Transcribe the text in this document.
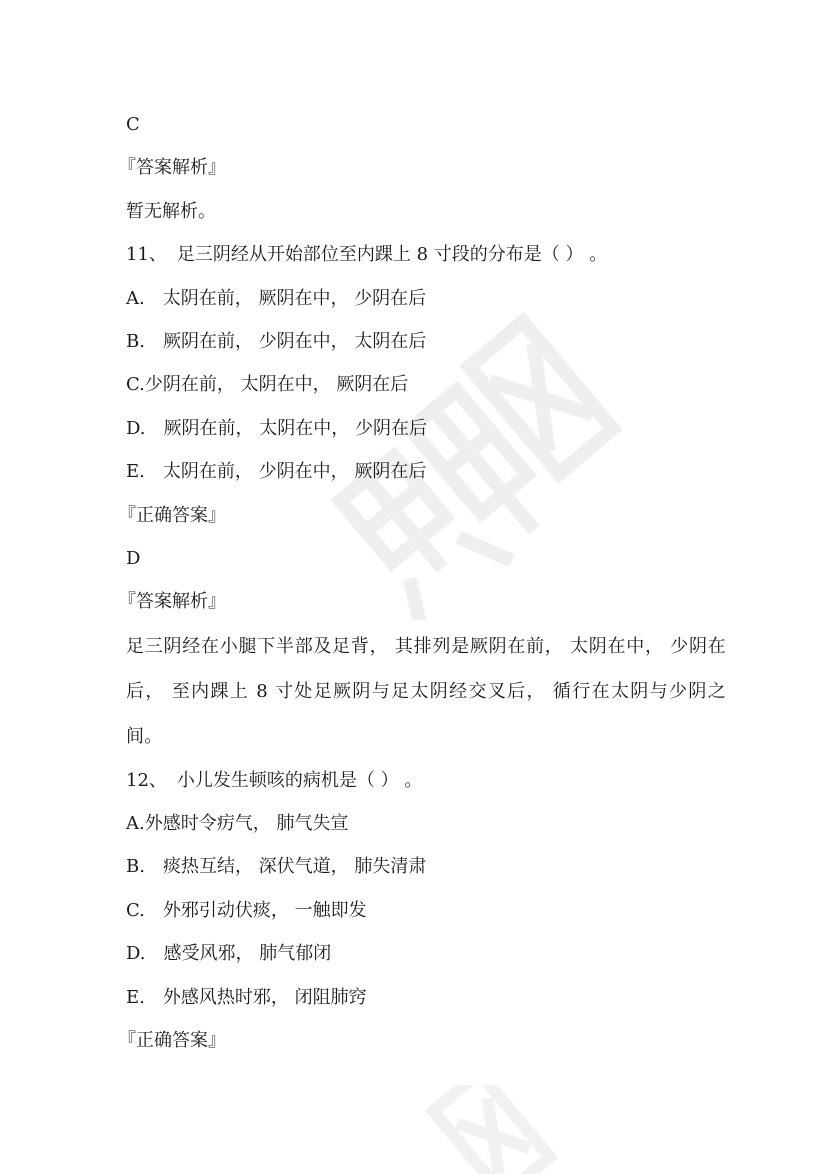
C
『答案解析』
暂无解析。
11、 足三阴经从开始部位至内踝上 8 寸段的分布是（ ） 。
A. 太阴在前， 厥阴在中， 少阴在后
B. 厥阴在前， 少阴在中， 太阴在后
C.少阴在前， 太阴在中， 厥阴在后
D. 厥阴在前， 太阴在中， 少阴在后
E. 太阴在前， 少阴在中， 厥阴在后
『正确答案』
D
『答案解析』
足三阴经在小腿下半部及足背， 其排列是厥阴在前， 太阴在中， 少阴在后， 至内踝上 8 寸处足厥阴与足太阴经交叉后， 循行在太阴与少阴之间。
12、 小儿发生顿咳的病机是（ ） 。
A.外感时令疠气， 肺气失宣
B. 痰热互结， 深伏气道， 肺失清肃
C. 外邪引动伏痰， 一触即发
D. 感受风邪， 肺气郁闭
E. 外感风热时邪， 闭阻肺窍
『正确答案』
